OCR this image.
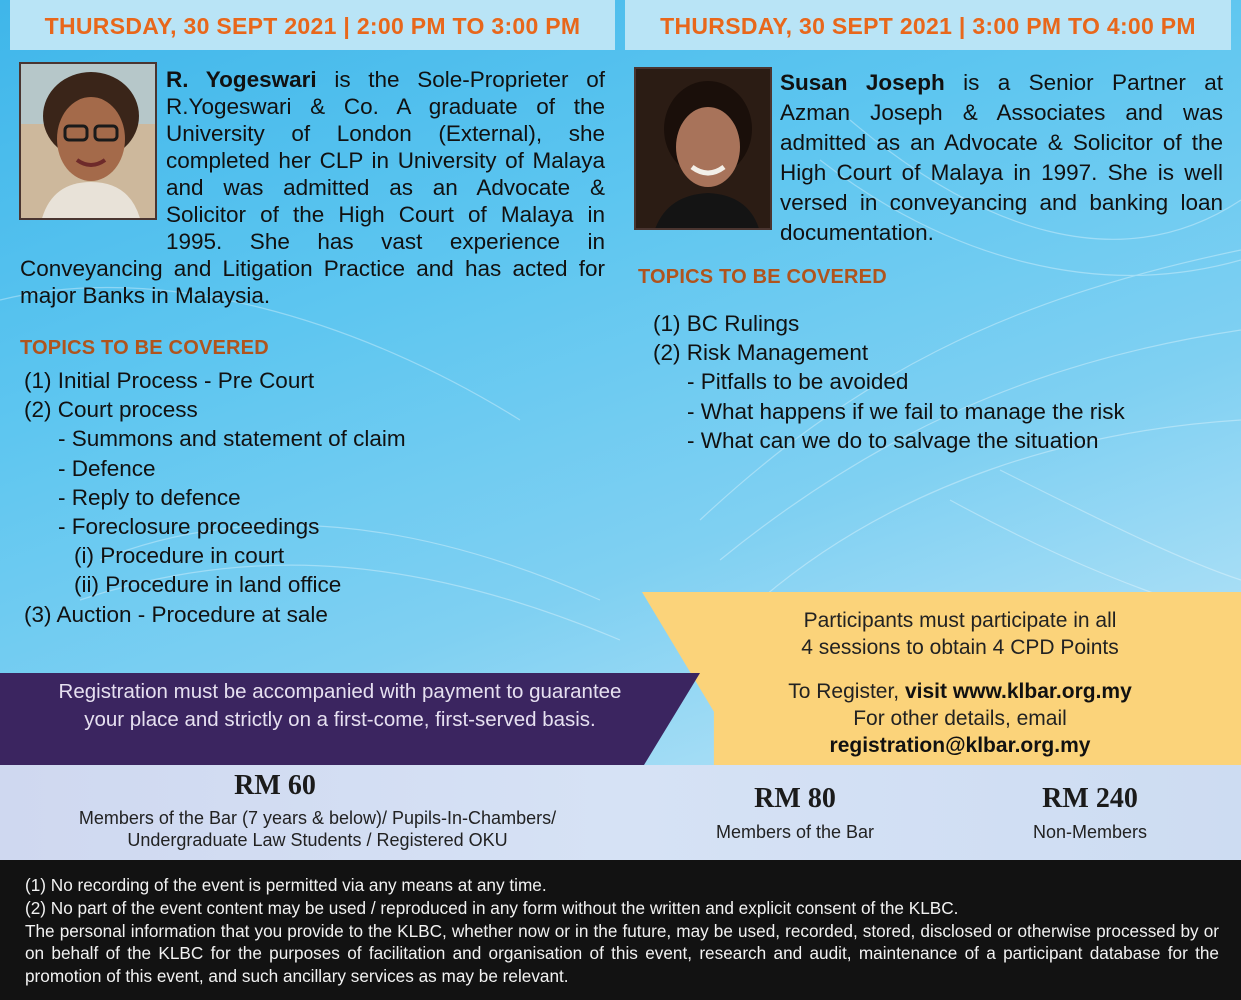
THURSDAY, 30 SEPT 2021 | 2:00 PM TO 3:00 PM	THURSDAY, 30 SEPT 2021 | 3:00 PM TO 4:00 PM
R. Yogeswari is the Sole-Proprieter of R.Yogeswari & Co. A graduate of the University of London (External), she completed her CLP in University of Malaya and was admitted as an Advocate & Solicitor of the High Court of Malaya in 1995. She has vast experience in Conveyancing and Litigation Practice and has acted for major Banks in Malaysia.
Susan Joseph is a Senior Partner at Azman Joseph & Associates and was admitted as an Advocate & Solicitor of the High Court of Malaya in 1997. She is well versed in conveyancing and banking loan documentation.
TOPICS TO BE COVERED
(1) Initial Process - Pre Court
(2) Court process
- Summons and statement of claim
- Defence
- Reply to defence
- Foreclosure proceedings
(i) Procedure in court
(ii) Procedure in land office
(3) Auction - Procedure at sale
TOPICS TO BE COVERED
(1) BC Rulings
(2) Risk Management
- Pitfalls to be avoided
- What happens if we fail to manage the risk
- What can we do to salvage the situation
Participants must participate in all
4 sessions to obtain 4 CPD Points
To Register, visit www.klbar.org.my
For other details, email
registration@klbar.org.my
Registration must be accompanied with payment to guarantee your place and strictly on a first-come, first-served basis.
RM 60
Members of the Bar (7 years & below)/ Pupils-In-Chambers/ Undergraduate Law Students / Registered OKU
RM 80
Members of the Bar
RM 240
Non-Members

(1) No recording of the event is permitted via any means at any time.

(2) No part of the event content may be used / reproduced in any form without the written and explicit consent of the KLBC.

The personal information that you provide to the KLBC, whether now or in the future, may be used, recorded, stored, disclosed or otherwise processed by or on behalf of the KLBC for the purposes of facilitation and organisation of this event, research and audit, maintenance of a participant database for the promotion of this event, and such ancillary services as may be relevant.
